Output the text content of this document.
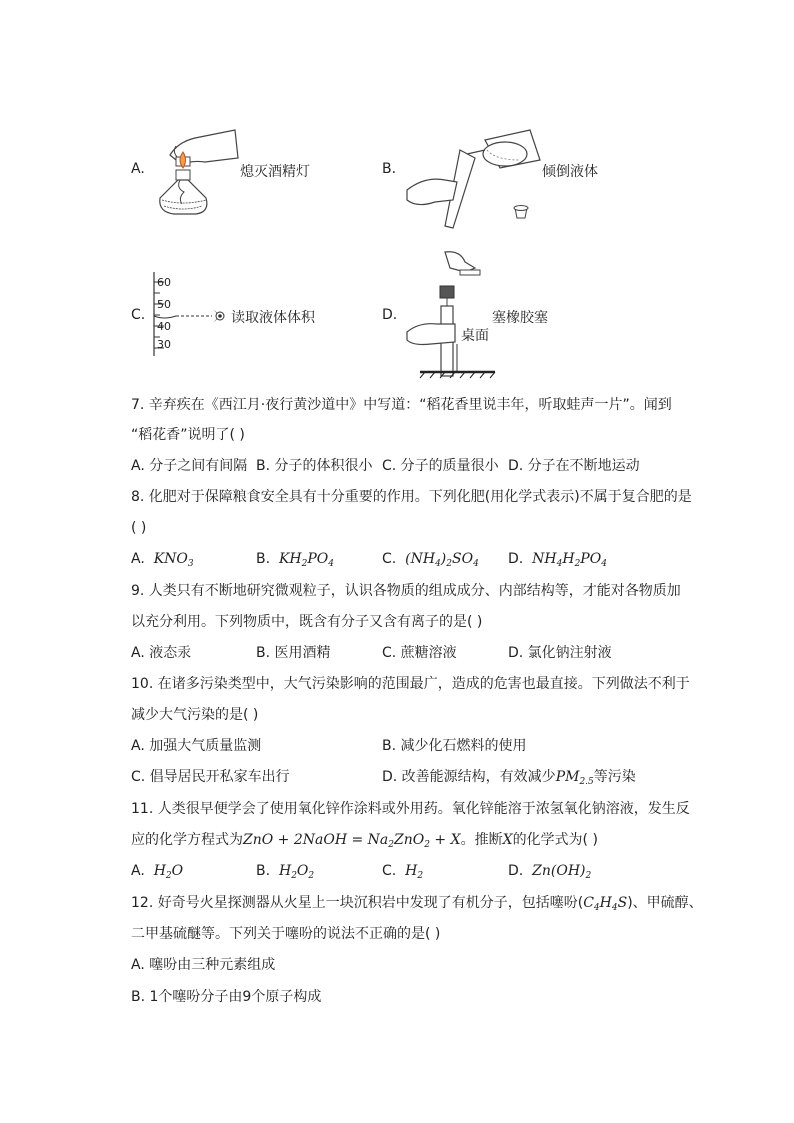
A.	熄灭酒精灯	B.	倾倒液体
C.
60
50
40
30
读取液体体积	D.	塞橡胶塞
桌面
7. 辛弃疾在《西江月·夜行黄沙道中》中写道：“稻花香里说丰年，听取蛙声一片”。闻到
“稻花香”说明了( )
A. 分子之间有间隔 B. 分子的体积很小 C. 分子的质量很小 D. 分子在不断地运动
8. 化肥对于保障粮食安全具有十分重要的作用。下列化肥(用化学式表示)不属于复合肥的是
( )
A. $KNO_3$	B. $KH_2PO_4$	C. $(NH_4)_2SO_4$ D. $NH_4H_2PO_4$
9. 人类只有不断地研究微观粒子，认识各物质的组成成分、内部结构等，才能对各物质加
以充分利用。下列物质中，既含有分子又含有离子的是( )
A. 液态汞	B. 医用酒精	C. 蔗糖溶液	D. 氯化钠注射液
10. 在诸多污染类型中，大气污染影响的范围最广，造成的危害也最直接。下列做法不利于
减少大气污染的是( )
A. 加强大气质量监测	B. 减少化石燃料的使用
C. 倡导居民开私家车出行	D. 改善能源结构，有效减少$PM_{2.5}$等污染
11. 人类很早便学会了使用氧化锌作涂料或外用药。氧化锌能溶于浓氢氧化钠溶液，发生反
应的化学方程式为ZnO + 2NaOH = $Na_2ZnO_2 + X$。推断X的化学式为( )
A. $H_2O$	B. $H_2O_2$	C. $H_2$	D. $Zn(OH)_2$
12. 好奇号火星探测器从火星上一块沉积岩中发现了有机分子，包括噻吩$(C_4H_4S)$、甲硫醇、
二甲基硫醚等。下列关于噻吩的说法不正确的是( )
A. 噻吩由三种元素组成
B. 1个噻吩分子由9个原子构成
